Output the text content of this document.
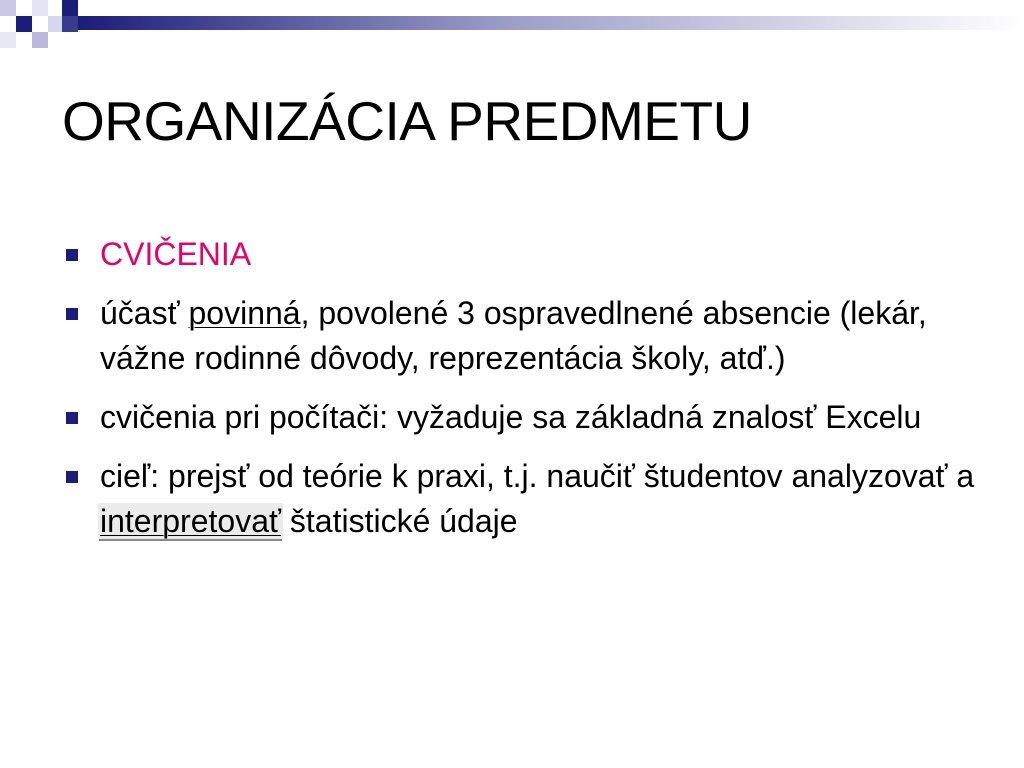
ORGANIZÁCIA PREDMETU
CVIČENIA
účasť povinná, povolené 3 ospravedlnené absencie (lekár, vážne rodinné dôvody, reprezentácia školy, atď.)
cvičenia pri počítači: vyžaduje sa základná znalosť Excelu
cieľ: prejsť od teórie k praxi, t.j. naučiť študentov analyzovať a interpretovať štatistické údaje
